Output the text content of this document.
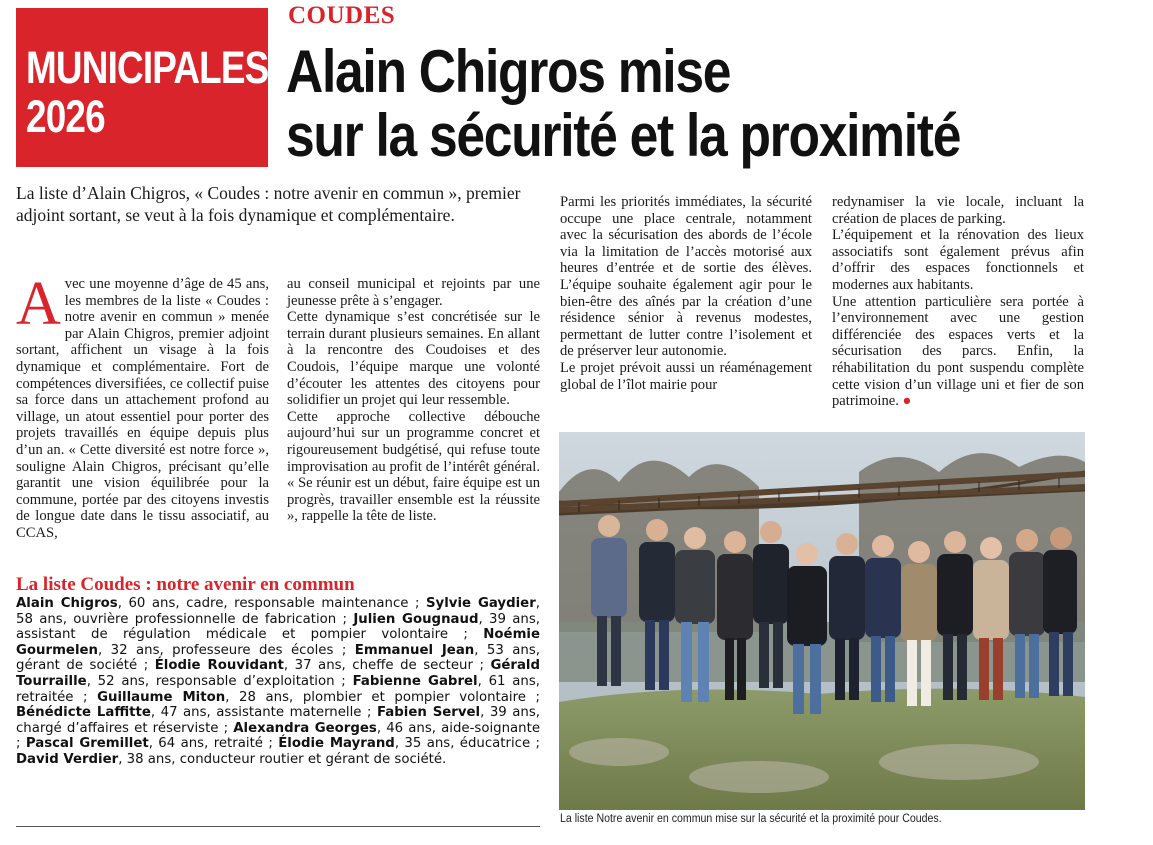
MUNICIPALES
2026
COUDES
Alain Chigros mise
sur la sécurité et la proximité
La liste d’Alain Chigros, « Coudes : notre avenir en commun », premier adjoint sortant, se veut à la fois dynamique et complémentaire.
A vec une moyenne d’âge de 45 ans, les membres de la liste « Coudes : notre avenir en commun » menée par Alain Chigros, premier adjoint sortant, affichent un visage à la fois dynamique et complémentaire. Fort de compétences diversifiées, ce collectif puise sa force dans un attachement profond au village, un atout essentiel pour porter des projets travaillés en équipe depuis plus d’un an. « Cette diversité est notre force », souligne Alain Chigros, précisant qu’elle garantit une vision équilibrée pour la commune, portée par des citoyens investis de longue date dans le tissu associatif, au CCAS,

au conseil municipal et rejoints par une jeunesse prête à s’engager.

Cette dynamique s’est concrétisée sur le terrain durant plusieurs semaines. En allant à la rencontre des Coudoises et des Coudois, l’équipe marque une volonté d’écouter les attentes des citoyens pour solidifier un projet qui leur ressemble.

Cette approche collective débouche aujourd’hui sur un programme concret et rigoureusement budgétisé, qui refuse toute improvisation au profit de l’intérêt général. « Se réunir est un début, faire équipe est un progrès, travailler ensemble est la réussite », rappelle la tête de liste.

Parmi les priorités immédiates, la sécurité occupe une place centrale, notamment avec la sécurisation des abords de l’école via la limitation de l’accès motorisé aux heures d’entrée et de sortie des élèves. L’équipe souhaite également agir pour le bien-être des aînés par la création d’une résidence sénior à revenus modestes, permettant de lutter contre l’isolement et de préserver leur autonomie.

Le projet prévoit aussi un réaménagement global de l’îlot mairie pour

redynamiser la vie locale, incluant la création de places de parking.

L’équipement et la rénovation des lieux associatifs sont également prévus afin d’offrir des espaces fonctionnels et modernes aux habitants.

Une attention particulière sera portée à l’environnement avec une gestion différenciée des espaces verts et la sécurisation des parcs. Enfin, la réhabilitation du pont suspendu complète cette vision d’un village uni et fier de son patrimoine. ●

La liste Coudes : notre avenir en commun
Alain Chigros, 60 ans, cadre, responsable maintenance ; Sylvie Gaydier, 58 ans, ouvrière professionnelle de fabrication ; Julien Gougnaud, 39 ans, assistant de régulation médicale et pompier volontaire ; Noémie Gourmelen, 32 ans, professeure des écoles ; Emmanuel Jean, 53 ans, gérant de société ; Élodie Rouvidant, 37 ans, cheffe de secteur ; Gérald Tourraille, 52 ans, responsable d’exploitation ; Fabienne Gabrel, 61 ans, retraitée ; Guillaume Miton, 28 ans, plombier et pompier volontaire ; Bénédicte Laffitte, 47 ans, assistante maternelle ; Fabien Servel, 39 ans, chargé d’affaires et réserviste ; Alexandra Georges, 46 ans, aide-soignante ; Pascal Gremillet, 64 ans, retraité ; Élodie Mayrand, 35 ans, éducatrice ; David Verdier, 38 ans, conducteur routier et gérant de société.
La liste Notre avenir en commun mise sur la sécurité et la proximité pour Coudes.
